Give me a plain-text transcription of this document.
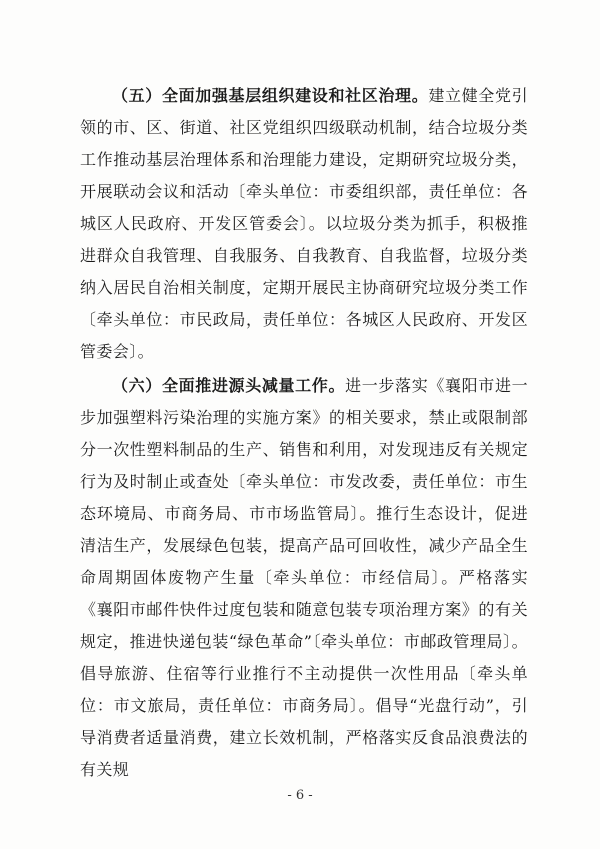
（五）全面加强基层组织建设和社区治理。建立健全党引领的市、区、街道、社区党组织四级联动机制，结合垃圾分类工作推动基层治理体系和治理能力建设，定期研究垃圾分类，开展联动会议和活动〔牵头单位：市委组织部，责任单位：各城区人民政府、开发区管委会〕。以垃圾分类为抓手，积极推进群众自我管理、自我服务、自我教育、自我监督，垃圾分类纳入居民自治相关制度，定期开展民主协商研究垃圾分类工作〔牵头单位：市民政局，责任单位：各城区人民政府、开发区管委会〕。

（六）全面推进源头减量工作。进一步落实《襄阳市进一步加强塑料污染治理的实施方案》的相关要求，禁止或限制部分一次性塑料制品的生产、销售和利用，对发现违反有关规定行为及时制止或查处〔牵头单位：市发改委，责任单位：市生态环境局、市商务局、市市场监管局〕。推行生态设计，促进清洁生产，发展绿色包装，提高产品可回收性，减少产品全生命周期固体废物产生量〔牵头单位：市经信局〕。严格落实《襄阳市邮件快件过度包装和随意包装专项治理方案》的有关规定，推进快递包装“绿色革命”〔牵头单位：市邮政管理局〕。倡导旅游、住宿等行业推行不主动提供一次性用品〔牵头单位：市文旅局，责任单位：市商务局〕。倡导“光盘行动”，引导消费者适量消费，建立长效机制，严格落实反食品浪费法的有关规

- 6 -
